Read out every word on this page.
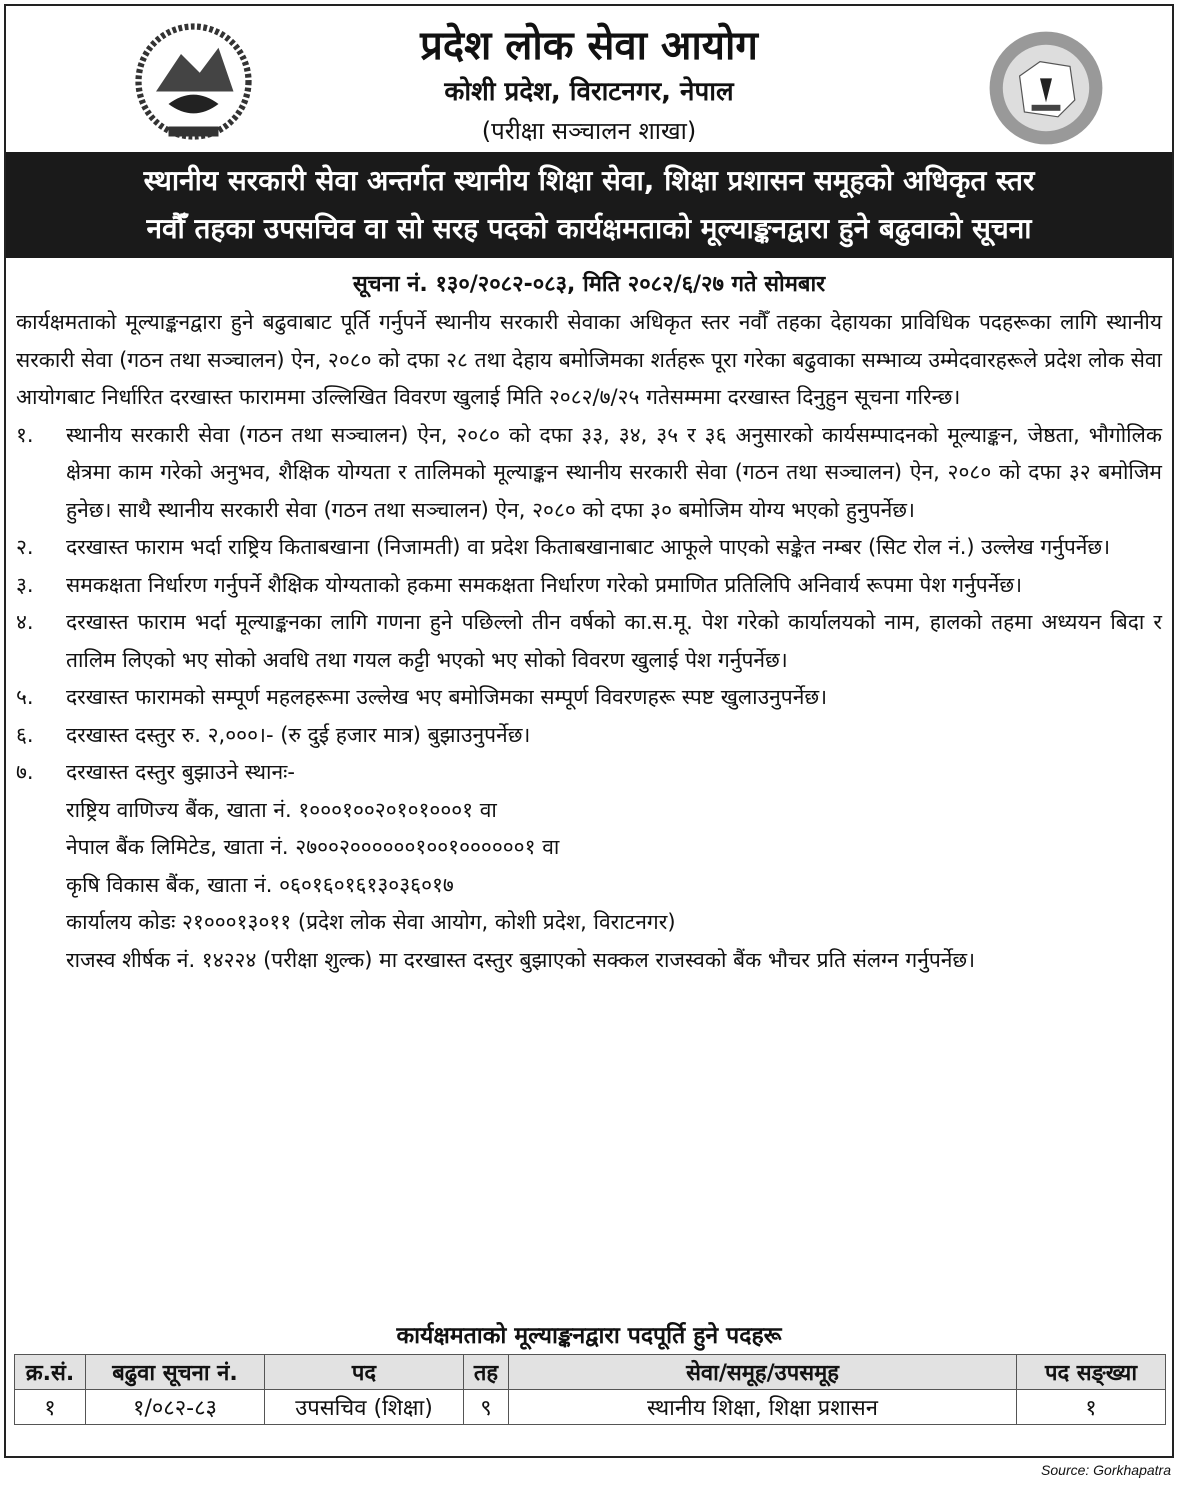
प्रदेश लोक सेवा आयोग
कोशी प्रदेश, विराटनगर, नेपाल
(परीक्षा सञ्चालन शाखा)
स्थानीय सरकारी सेवा अन्तर्गत स्थानीय शिक्षा सेवा, शिक्षा प्रशासन समूहको अधिकृत स्तर
नवौँ तहका उपसचिव वा सो सरह पदको कार्यक्षमताको मूल्याङ्कनद्वारा हुने बढुवाको सूचना
सूचना नं. १३०/२०८२-०८३, मिति २०८२/६/२७ गते सोमबार

कार्यक्षमताको मूल्याङ्कनद्वारा हुने बढुवाबाट पूर्ति गर्नुपर्ने स्थानीय सरकारी सेवाका अधिकृत स्तर नवौँ तहका देहायका प्राविधिक पदहरूका लागि स्थानीय सरकारी सेवा (गठन तथा सञ्चालन) ऐन, २०८० को दफा २८ तथा देहाय बमोजिमका शर्तहरू पूरा गरेका बढुवाका सम्भाव्य उम्मेदवारहरूले प्रदेश लोक सेवा आयोगबाट निर्धारित दरखास्त फाराममा उल्लिखित विवरण खुलाई मिति २०८२/७/२५ गतेसम्ममा दरखास्त दिनुहुन सूचना गरिन्छ।

१.	स्थानीय सरकारी सेवा (गठन तथा सञ्चालन) ऐन, २०८० को दफा ३३, ३४, ३५ र ३६ अनुसारको कार्यसम्पादनको मूल्याङ्कन, जेष्ठता, भौगोलिक क्षेत्रमा काम गरेको अनुभव, शैक्षिक योग्यता र तालिमको मूल्याङ्कन स्थानीय सरकारी सेवा (गठन तथा सञ्चालन) ऐन, २०८० को दफा ३२ बमोजिम हुनेछ। साथै स्थानीय सरकारी सेवा (गठन तथा सञ्चालन) ऐन, २०८० को दफा ३० बमोजिम योग्य भएको हुनुपर्नेछ।
२.	दरखास्त फाराम भर्दा राष्ट्रिय किताबखाना (निजामती) वा प्रदेश किताबखानाबाट आफूले पाएको सङ्केत नम्बर (सिट रोल नं.) उल्लेख गर्नुपर्नेछ।
३.	समकक्षता निर्धारण गर्नुपर्ने शैक्षिक योग्यताको हकमा समकक्षता निर्धारण गरेको प्रमाणित प्रतिलिपि अनिवार्य रूपमा पेश गर्नुपर्नेछ।
४.	दरखास्त फाराम भर्दा मूल्याङ्कनका लागि गणना हुने पछिल्लो तीन वर्षको का.स.मू. पेश गरेको कार्यालयको नाम, हालको तहमा अध्ययन बिदा र तालिम लिएको भए सोको अवधि तथा गयल कट्टी भएको भए सोको विवरण खुलाई पेश गर्नुपर्नेछ।
५.	दरखास्त फारामको सम्पूर्ण महलहरूमा उल्लेख भए बमोजिमका सम्पूर्ण विवरणहरू स्पष्ट खुलाउनुपर्नेछ।
६.	दरखास्त दस्तुर रु. २,०००।- (रु दुई हजार मात्र) बुझाउनुपर्नेछ।
७.	दरखास्त दस्तुर बुझाउने स्थानः-
राष्ट्रिय वाणिज्य बैंक, खाता नं. १०००१००२०१०१०००१ वा
नेपाल बैंक लिमिटेड, खाता नं. २७००२००००००१००१००००००१ वा
कृषि विकास बैंक, खाता नं. ०६०१६०१६१३०३६०१७
कार्यालय कोडः २१०००१३०११ (प्रदेश लोक सेवा आयोग, कोशी प्रदेश, विराटनगर)
राजस्व शीर्षक नं. १४२२४ (परीक्षा शुल्क) मा दरखास्त दस्तुर बुझाएको सक्कल राजस्वको बैंक भौचर प्रति संलग्न गर्नुपर्नेछ।
कार्यक्षमताको मूल्याङ्कनद्वारा पदपूर्ति हुने पदहरू
क्र.सं.	बढुवा सूचना नं.	पद	तह	सेवा/समूह/उपसमूह	पद सङ्ख्या
१	१/०८२-८३	उपसचिव (शिक्षा)	९	स्थानीय शिक्षा, शिक्षा प्रशासन	१
Source: Gorkhapatra
